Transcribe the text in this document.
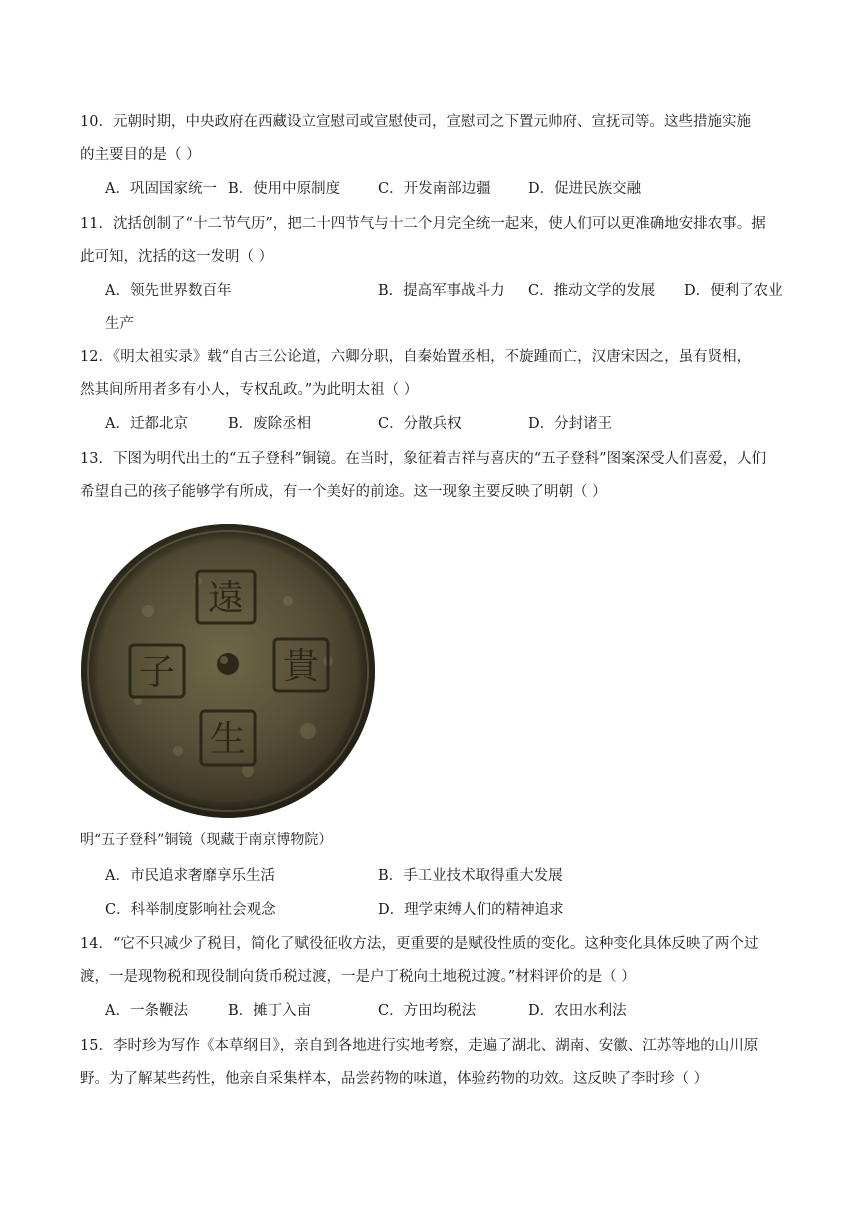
10．元朝时期，中央政府在西藏设立宣慰司或宣慰使司，宣慰司之下置元帅府、宣抚司等。这些措施实施
的主要目的是（ ）
A．巩固国家统一 B．使用中原制度	C．开发南部边疆	D．促进民族交融
11．沈括创制了“十二节气历”，把二十四节气与十二个月完全统一起来，使人们可以更准确地安排农事。据
此可知，沈括的这一发明（ ）
A．领先世界数百年	B．提高军事战斗力 C．推动文学的发展 D．便利了农业
生产
12．《明太祖实录》载“自古三公论道，六卿分职，自秦始置丞相，不旋踵而亡，汉唐宋因之，虽有贤相，
然其间所用者多有小人，专权乱政。”为此明太祖（ ）
A．迁都北京	B．废除丞相	C．分散兵权	D．分封诸王
13．下图为明代出土的“五子登科”铜镜。在当时，象征着吉祥与喜庆的“五子登科”图案深受人们喜爱，人们
希望自己的孩子能够学有所成，有一个美好的前途。这一现象主要反映了明朝（ ）
遠
貴
生
子
明“五子登科”铜镜（现藏于南京博物院）
A．市民追求奢靡享乐生活	B．手工业技术取得重大发展
C．科举制度影响社会观念	D．理学束缚人们的精神追求
14．“它不只减少了税目，简化了赋役征收方法，更重要的是赋役性质的变化。这种变化具体反映了两个过
渡，一是现物税和现役制向货币税过渡，一是户丁税向土地税过渡。”材料评价的是（ ）
A．一条鞭法	B．摊丁入亩	C．方田均税法	D．农田水利法
15．李时珍为写作《本草纲目》，亲自到各地进行实地考察，走遍了湖北、湖南、安徽、江苏等地的山川原
野。为了解某些药性，他亲自采集样本，品尝药物的味道，体验药物的功效。这反映了李时珍（ ）
